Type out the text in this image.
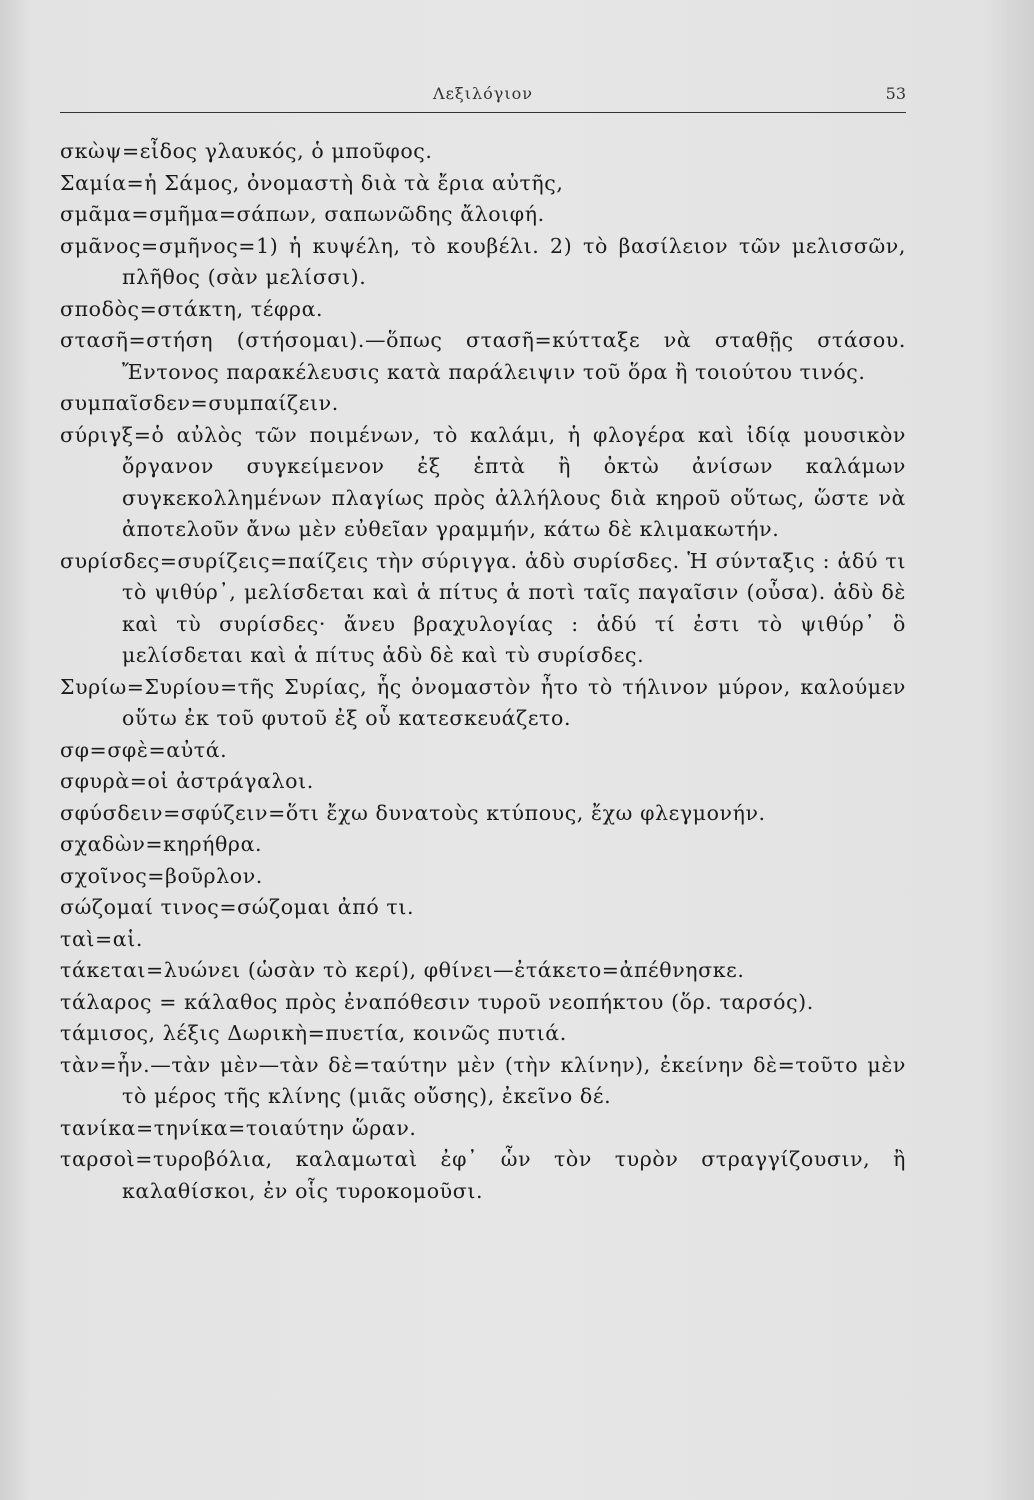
Λεξιλόγιον	53
σκὼψ=εἶδος γλαυκός, ὁ μποῦφος.
Σαμία=ἡ Σάμος, ὀνομαστὴ διὰ τὰ ἔρια αὐτῆς,
σμᾶμα=σμῆμα=σάπων, σαπωνῶδης ἄλοιφή.
σμᾶνος=σμῆνος=1) ἡ κυψέλη, τὸ κουβέλι. 2) τὸ βασίλειον τῶν μελισσῶν, πλῆθος (σὰν μελίσσι).
σποδὸς=στάκτη, τέφρα.
στασῆ=στήση (στήσομαι).—ὅπως στασῆ=κύτταξε νὰ σταθῇς στάσου. Ἔντονος παρακέλευσις κατὰ παράλειψιν τοῦ ὅρα ἢ τοιούτου τινός.
συμπαῖσδεν=συμπαίζειν.
σύριγξ=ὁ αὐλὸς τῶν ποιμένων, τὸ καλάμι, ἡ φλογέρα καὶ ἰδίᾳ μουσικὸν ὄργανον συγκείμενον ἐξ ἑπτὰ ἢ ὀκτὼ ἀνίσων καλάμων συγκεκολλημένων πλαγίως πρὸς ἀλλήλους διὰ κηροῦ οὕτως, ὥστε νὰ ἀποτελοῦν ἄνω μὲν εὐθεῖαν γραμμήν, κάτω δὲ κλιμακωτήν.
συρίσδες=συρίζεις=παίζεις τὴν σύριγγα. ἁδὺ συρίσδες. Ἡ σύνταξις : ἁδύ τι τὸ ψιθύρ᾽, μελίσδεται καὶ ἁ πίτυς ἁ ποτὶ ταῖς παγαῖσιν (οὖσα). ἁδὺ δὲ καὶ τὺ συρίσδες· ἄνευ βραχυλογίας : ἁδύ τί ἐστι τὸ ψιθύρ᾽ ὃ μελίσδεται καὶ ἁ πίτυς ἁδὺ δὲ καὶ τὺ συρίσδες.
Συρίω=Συρίου=τῆς Συρίας, ἧς ὀνομαστὸν ἦτο τὸ τήλινον μύρον, καλούμεν οὕτω ἐκ τοῦ φυτοῦ ἐξ οὗ κατεσκευάζετο.
σφ=σφὲ=αὐτά.
σφυρὰ=οἱ ἀστράγαλοι.
σφύσδειν=σφύζειν=ὅτι ἔχω δυνατοὺς κτύπους, ἔχω φλεγμονήν.
σχαδὼν=κηρήθρα.
σχοῖνος=βοῦρλον.
σώζομαί τινος=σώζομαι ἀπό τι.
ταὶ=αἱ.
τάκεται=λυώνει (ὡσὰν τὸ κερί), φθίνει—ἐτάκετο=ἀπέθνησκε.
τάλαρος = κάλαθος πρὸς ἐναπόθεσιν τυροῦ νεοπήκτου (ὅρ. ταρσός).
τάμισος, λέξις Δωρικὴ=πυετία, κοινῶς πυτιά.
τὰν=ἦν.—τὰν μὲν—τὰν δὲ=ταύτην μὲν (τὴν κλίνην), ἐκείνην δὲ=τοῦτο μὲν τὸ μέρος τῆς κλίνης (μιᾶς οὔσης), ἐκεῖνο δέ.
τανίκα=τηνίκα=τοιαύτην ὥραν.
ταρσοὶ=τυροβόλια, καλαμωταὶ ἐφ᾽ ὧν τὸν τυρὸν στραγγίζουσιν, ἢ καλαθίσκοι, ἐν οἷς τυροκομοῦσι.
